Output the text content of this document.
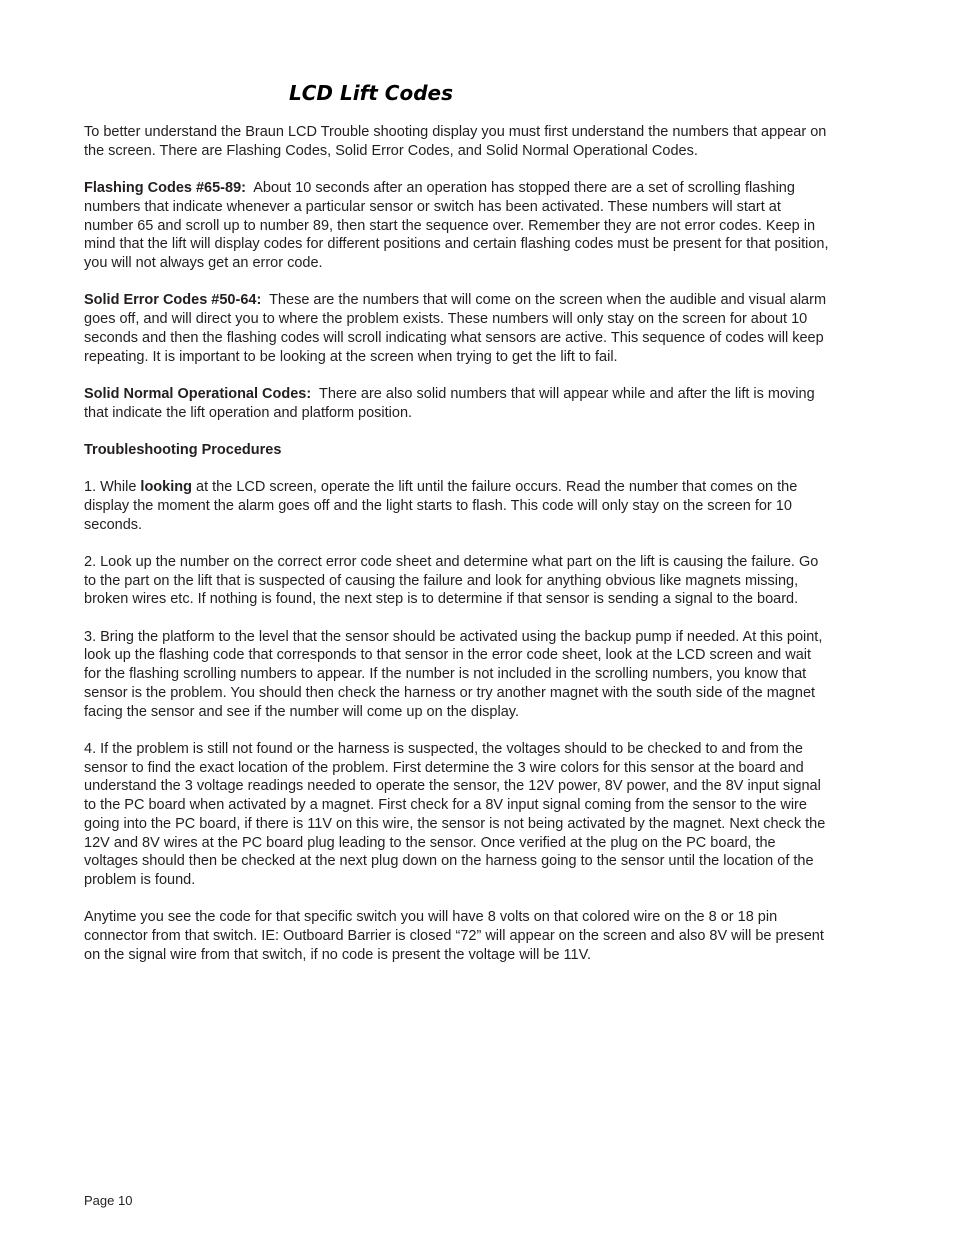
LCD Lift Codes

To better understand the Braun LCD Trouble shooting display you must first understand the numbers that appear on the screen. There are Flashing Codes, Solid Error Codes, and Solid Normal Operational Codes.

Flashing Codes #65-89: About 10 seconds after an operation has stopped there are a set of scrolling flashing numbers that indicate whenever a particular sensor or switch has been activated. These numbers will start at number 65 and scroll up to number 89, then start the sequence over. Remember they are not error codes. Keep in mind that the lift will display codes for different positions and certain flashing codes must be present for that position, you will not always get an error code.

Solid Error Codes #50-64: These are the numbers that will come on the screen when the audible and visual alarm goes off, and will direct you to where the problem exists. These numbers will only stay on the screen for about 10 seconds and then the flashing codes will scroll indicating what sensors are active. This sequence of codes will keep repeating. It is important to be looking at the screen when trying to get the lift to fail.

Solid Normal Operational Codes: There are also solid numbers that will appear while and after the lift is moving that indicate the lift operation and platform position.

Troubleshooting Procedures

1. While looking at the LCD screen, operate the lift until the failure occurs. Read the number that comes on the display the moment the alarm goes off and the light starts to flash. This code will only stay on the screen for 10 seconds.

2. Look up the number on the correct error code sheet and determine what part on the lift is causing the failure. Go to the part on the lift that is suspected of causing the failure and look for anything obvious like magnets missing, broken wires etc. If nothing is found, the next step is to determine if that sensor is sending a signal to the board.

3. Bring the platform to the level that the sensor should be activated using the backup pump if needed. At this point, look up the flashing code that corresponds to that sensor in the error code sheet, look at the LCD screen and wait for the flashing scrolling numbers to appear. If the number is not included in the scrolling numbers, you know that sensor is the problem. You should then check the harness or try another magnet with the south side of the magnet facing the sensor and see if the number will come up on the display.

4. If the problem is still not found or the harness is suspected, the voltages should to be checked to and from the sensor to find the exact location of the problem. First determine the 3 wire colors for this sensor at the board and understand the 3 voltage readings needed to operate the sensor, the 12V power, 8V power, and the 8V input signal to the PC board when activated by a magnet. First check for a 8V input signal coming from the sensor to the wire going into the PC board, if there is 11V on this wire, the sensor is not being activated by the magnet. Next check the 12V and 8V wires at the PC board plug leading to the sensor. Once verified at the plug on the PC board, the voltages should then be checked at the next plug down on the harness going to the sensor until the location of the problem is found.

Anytime you see the code for that specific switch you will have 8 volts on that colored wire on the 8 or 18 pin connector from that switch. IE: Outboard Barrier is closed “72” will appear on the screen and also 8V will be present on the signal wire from that switch, if no code is present the voltage will be 11V.

Page 10
